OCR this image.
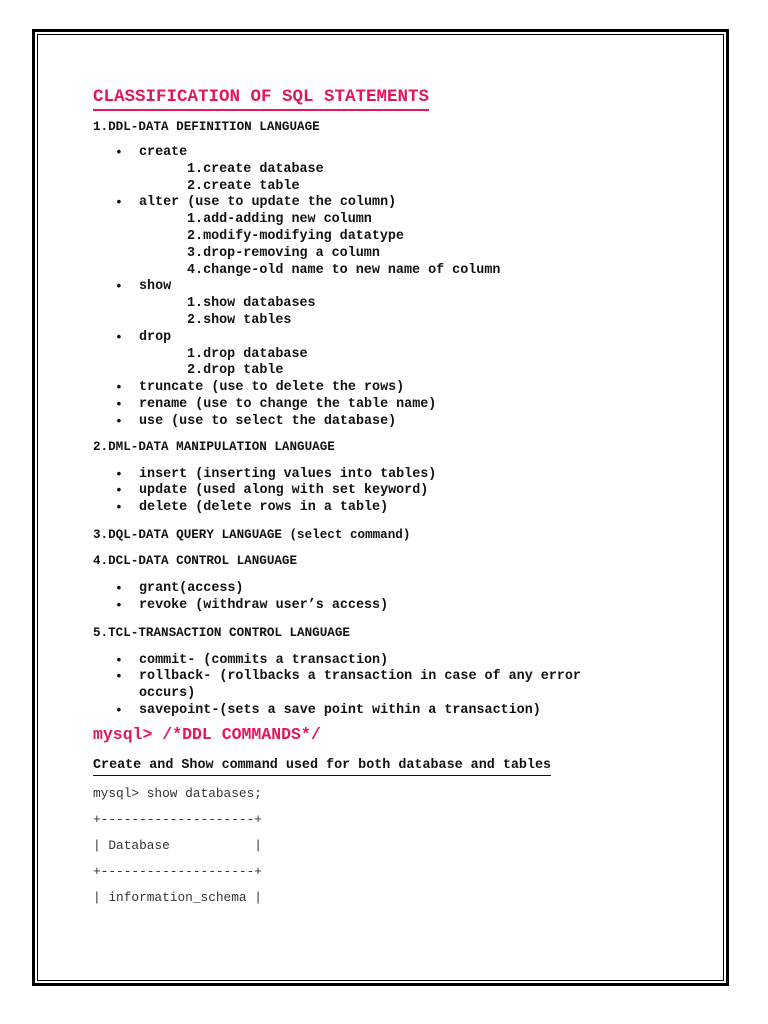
CLASSIFICATION OF SQL STATEMENTS

1.DDL-DATA DEFINITION LANGUAGE

• create
1.create database
2.create table
• alter (use to update the column)
1.add-adding new column
2.modify-modifying datatype
3.drop-removing a column
4.change-old name to new name of column
• show
1.show databases
2.show tables
• drop
1.drop database
2.drop table
• truncate (use to delete the rows)
• rename (use to change the table name)
• use (use to select the database)

2.DML-DATA MANIPULATION LANGUAGE

• insert (inserting values into tables)
• update (used along with set keyword)
• delete (delete rows in a table)

3.DQL-DATA QUERY LANGUAGE (select command)

4.DCL-DATA CONTROL LANGUAGE

• grant(access)
• revoke (withdraw user’s access)

5.TCL-TRANSACTION CONTROL LANGUAGE

• commit- (commits a transaction)
• rollback- (rollbacks a transaction in case of any error
occurs)
• savepoint-(sets a save point within a transaction)

mysql> /*DDL COMMANDS*/

Create and Show command used for both database and tables

mysql> show databases;

+--------------------+

| Database           |

+--------------------+

| information_schema |
